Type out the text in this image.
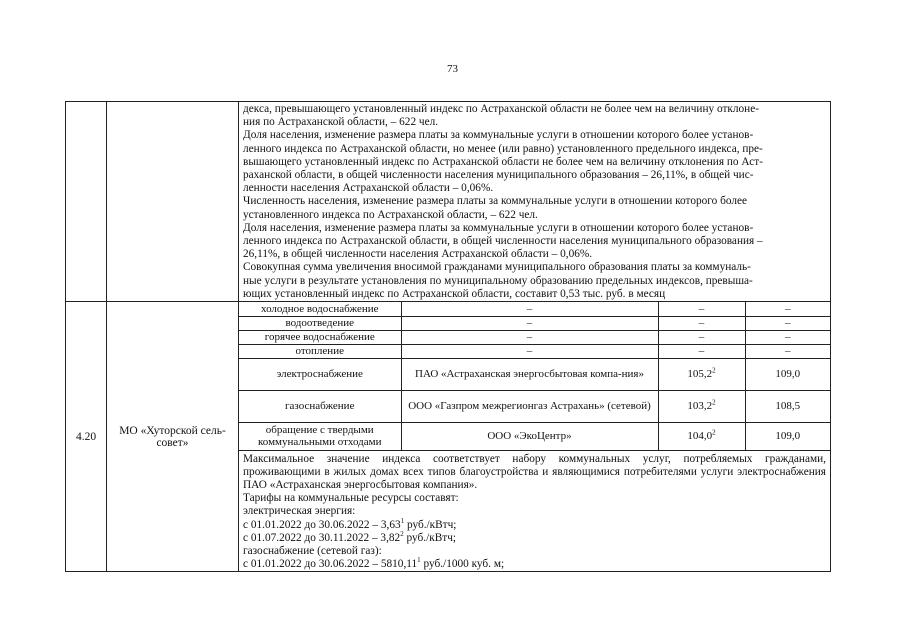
73

декса, превышающего установленный индекс по Астраханской области не более чем на величину отклоне-
ния по Астраханской области, – 622 чел.
Доля населения, изменение размера платы за коммунальные услуги в отношении которого более установ-
ленного индекса по Астраханской области, но менее (или равно) установленного предельного индекса, пре-
вышающего установленный индекс по Астраханской области не более чем на величину отклонения по Аст-
раханской области, в общей численности населения муниципального образования – 26,11%, в общей чис-
ленности населения Астраханской области – 0,06%.
Численность населения, изменение размера платы за коммунальные услуги в отношении которого более
установленного индекса по Астраханской области, – 622 чел.
Доля населения, изменение размера платы за коммунальные услуги в отношении которого более установ-
ленного индекса по Астраханской области, в общей численности населения муниципального образования –
26,11%, в общей численности населения Астраханской области – 0,06%.
Совокупная сумма увеличения вносимой гражданами муниципального образования платы за коммуналь-
ные услуги в результате установления по муниципальному образованию предельных индексов, превыша-
ющих установленный индекс по Астраханской области, составит 0,53 тыс. руб. в месяц

4.20	МО «Хуторской сель-совет»	
холодное водоснабжение	–	–	–
водоотведение	–	–	–
горячее водоснабжение	–	–	–
отопление	–	–	–
электроснабжение	ПАО «Астраханская энергосбытовая компа-ния»	105,2$^2$	109,0
газоснабжение	ООО «Газпром межрегионгаз Астрахань» (сетевой)	103,2$^2$	108,5
обращение с твердыми коммунальными отходами	ООО «ЭкоЦентр»	104,0$^2$	109,0
Максимальное значение индекса соответствует набору коммунальных услуг, потребляемых гражданами, проживающими в жилых домах всех типов благоустройства и являющимися потребителями услуги электроснабжения ПАО «Астраханская энергосбытовая компания».
Тарифы на коммунальные ресурсы составят:
электрическая энергия:
с 01.01.2022 до 30.06.2022 – 3,63$^1$ руб./кВтч;
с 01.07.2022 до 30.11.2022 – 3,82$^2$ руб./кВтч;
газоснабжение (сетевой газ):
с 01.01.2022 до 30.06.2022 – 5810,11$^1$ руб./1000 куб. м;
